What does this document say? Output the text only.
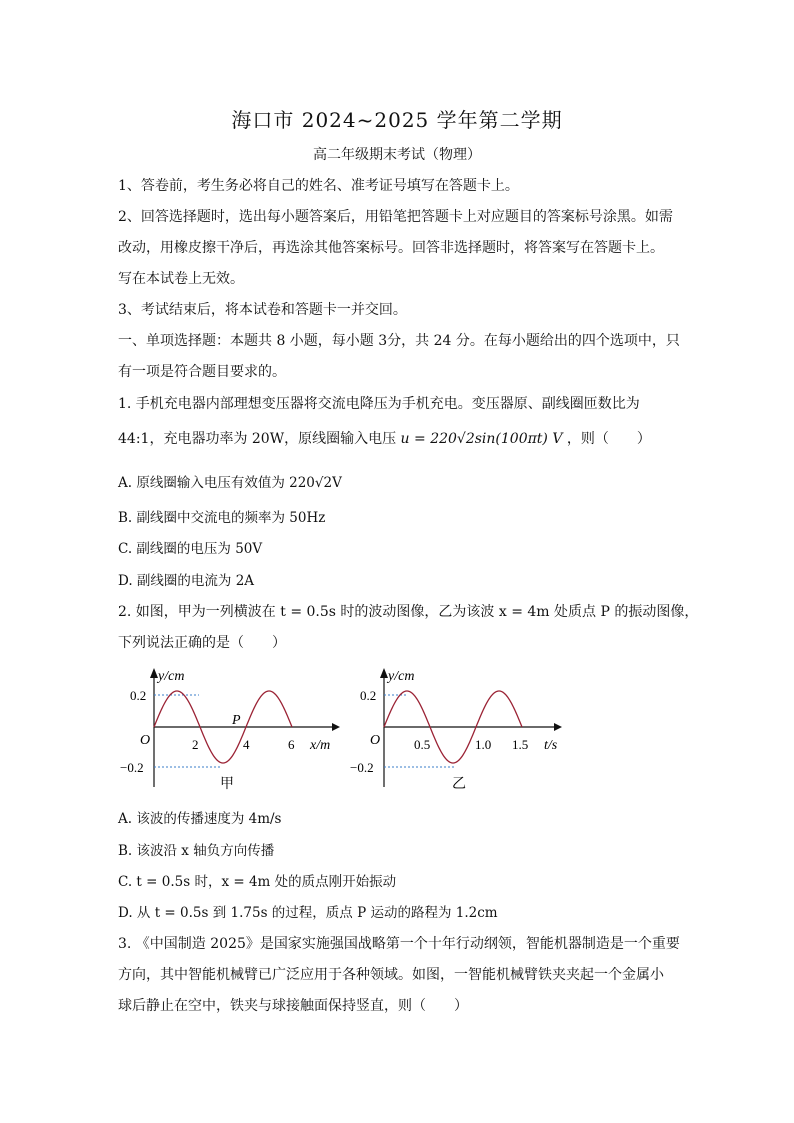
海口市 2024~2025 学年第二学期
高二年级期末考试（物理）
1、答卷前，考生务必将自己的姓名、准考证号填写在答题卡上。
2、回答选择题时，选出每小题答案后，用铅笔把答题卡上对应题目的答案标号涂黑。如需
改动，用橡皮擦干净后，再选涂其他答案标号。回答非选择题时，将答案写在答题卡上。
写在本试卷上无效。
3、考试结束后，将本试卷和答题卡一并交回。
一、单项选择题：本题共 8 小题，每小题 3分，共 24 分。在每小题给出的四个选项中，只
有一项是符合题目要求的。
1. 手机充电器内部理想变压器将交流电降压为手机充电。变压器原、副线圈匝数比为
44:1，充电器功率为 20W，原线圈输入电压 u = 220√2sin(100πt) V ，则（　　）
A. 原线圈输入电压有效值为 220√2V
B. 副线圈中交流电的频率为 50Hz
C. 副线圈的电压为 50V
D. 副线圈的电流为 2A
2. 如图，甲为一列横波在 t = 0.5s 时的波动图像，乙为该波 x = 4m 处质点 P 的振动图像，
下列说法正确的是（　　）
y/cm
0.2
−0.2
O	2	4	6
P
x/m
甲
y/cm
0.2
−0.2
O	0.5	1.0 1.5 t/s
乙
A. 该波的传播速度为 4m/s
B. 该波沿 x 轴负方向传播
C. t = 0.5s 时，x = 4m 处的质点刚开始振动
D. 从 t = 0.5s 到 1.75s 的过程，质点 P 运动的路程为 1.2cm
3. 《中国制造 2025》是国家实施强国战略第一个十年行动纲领，智能机器制造是一个重要
方向，其中智能机械臂已广泛应用于各种领域。如图，一智能机械臂铁夹夹起一个金属小
球后静止在空中，铁夹与球接触面保持竖直，则（　　）
